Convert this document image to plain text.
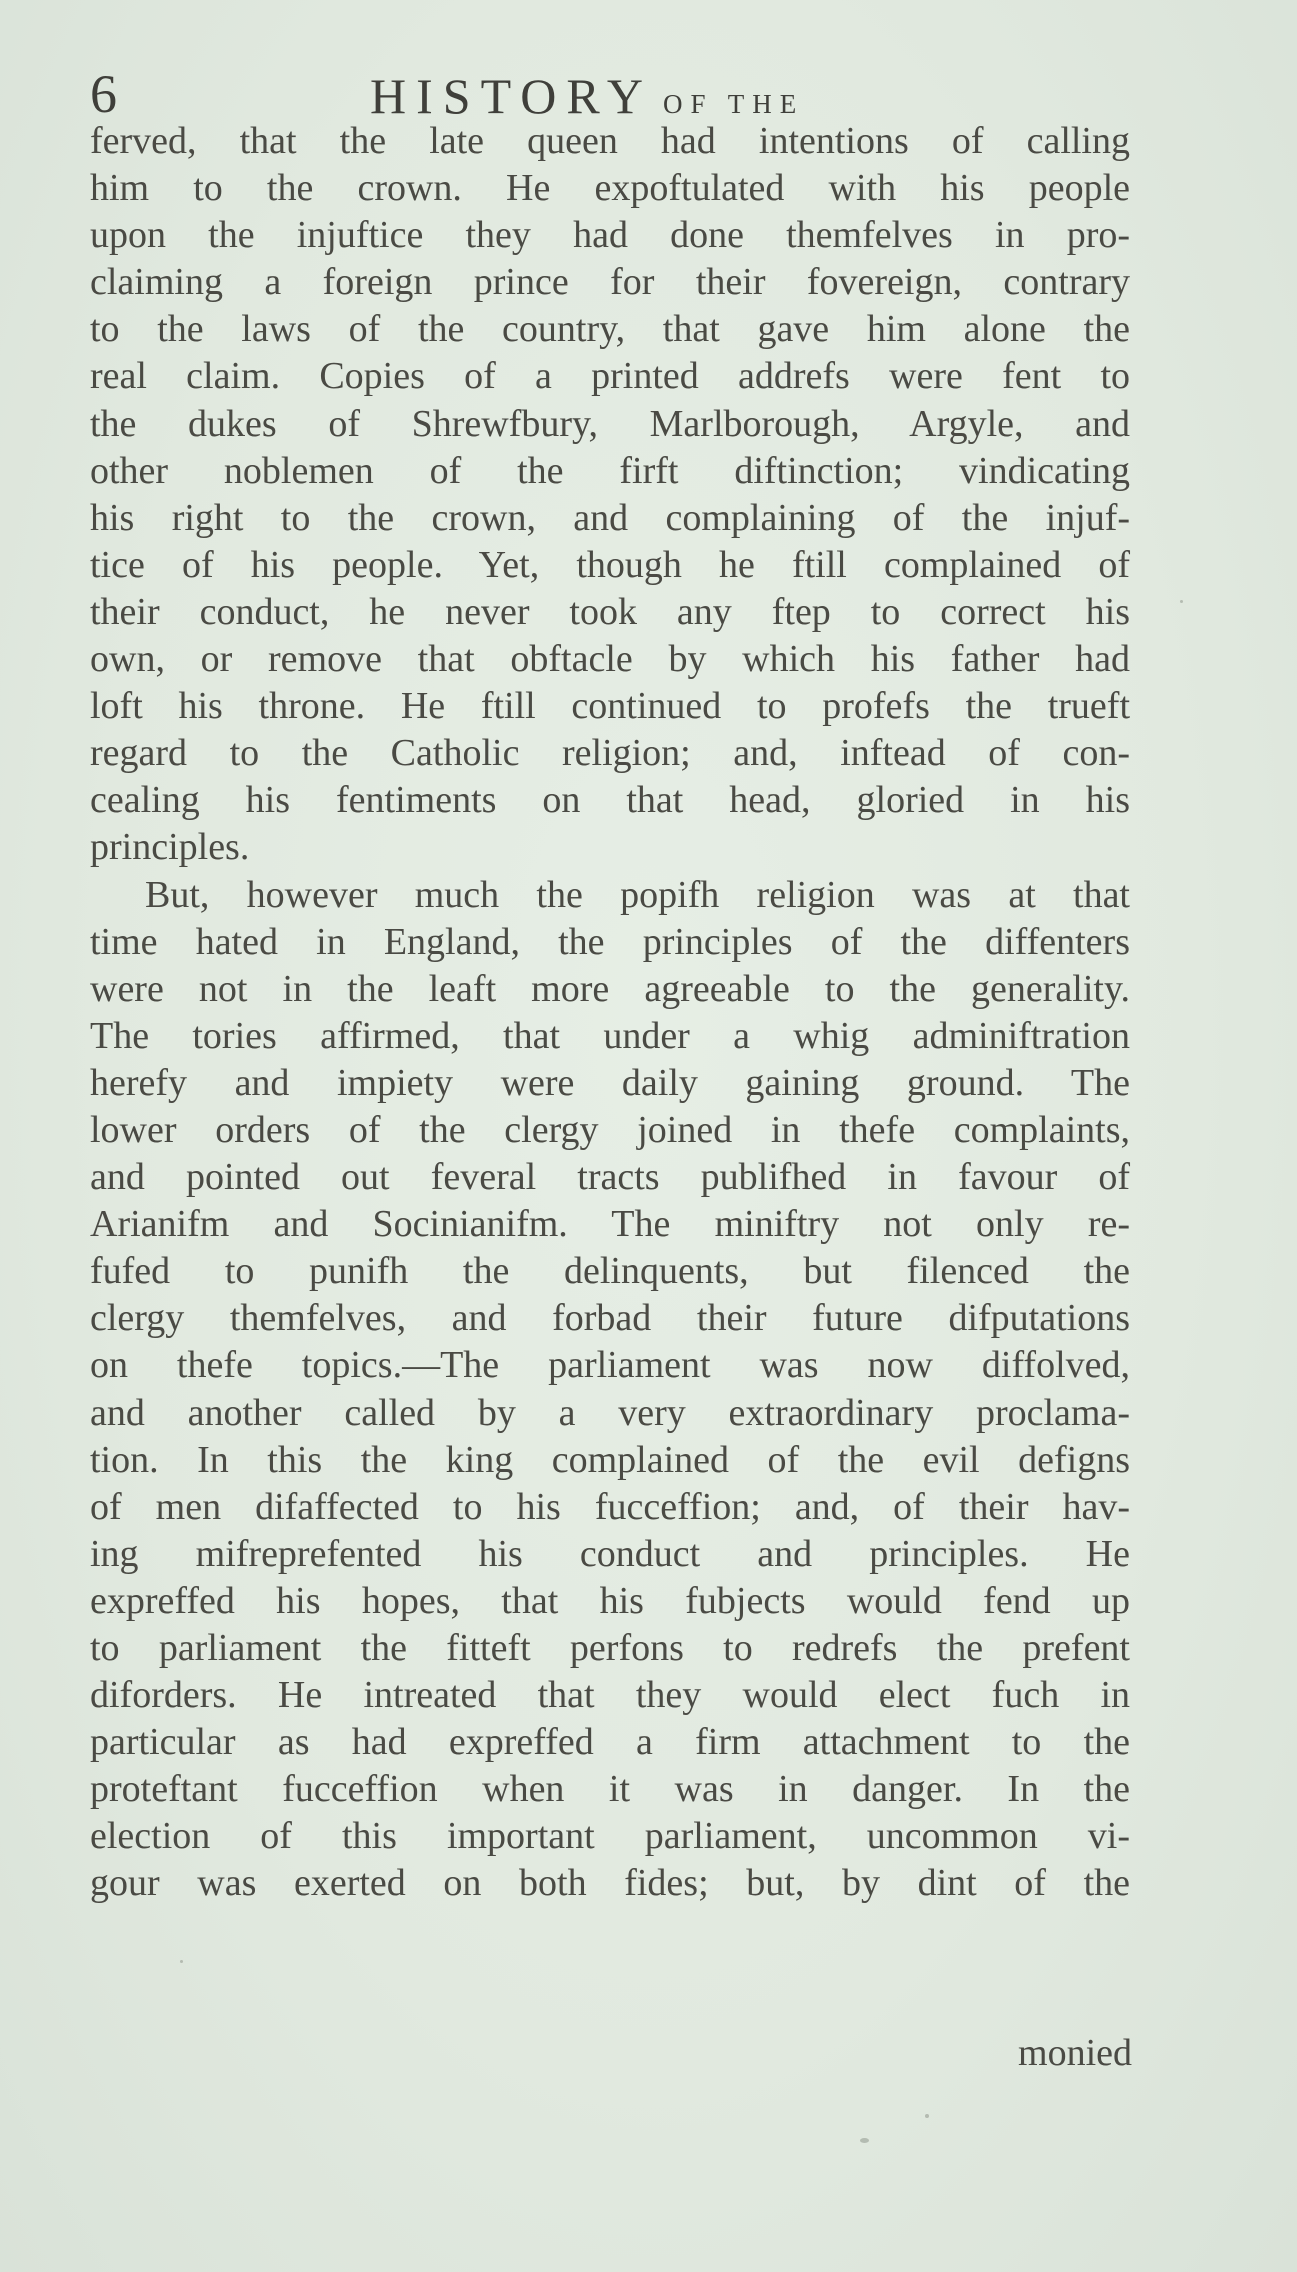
6	HISTORY OF THE
ferved, that the late queen had intentions of calling
him to the crown. He expoftulated with his people
upon the injuftice they had done themfelves in pro-
claiming a foreign prince for their fovereign, contrary
to the laws of the country, that gave him alone the
real claim. Copies of a printed addrefs were fent to
the dukes of Shrewfbury, Marlborough, Argyle, and
other noblemen of the firft diftinction; vindicating
his right to the crown, and complaining of the injuf-
tice of his people. Yet, though he ftill complained of
their conduct, he never took any ftep to correct his
own, or remove that obftacle by which his father had
loft his throne. He ftill continued to profefs the trueft
regard to the Catholic religion; and, inftead of con-
cealing his fentiments on that head, gloried in his
principles.
But, however much the popifh religion was at that
time hated in England, the principles of the diffenters
were not in the leaft more agreeable to the generality.
The tories affirmed, that under a whig adminiftration
herefy and impiety were daily gaining ground. The
lower orders of the clergy joined in thefe complaints,
and pointed out feveral tracts publifhed in favour of
Arianifm and Socinianifm. The miniftry not only re-
fufed to punifh the delinquents, but filenced the
clergy themfelves, and forbad their future difputations
on thefe topics.—The parliament was now diffolved,
and another called by a very extraordinary proclama-
tion. In this the king complained of the evil defigns
of men difaffected to his fucceffion; and, of their hav-
ing mifreprefented his conduct and principles. He
expreffed his hopes, that his fubjects would fend up
to parliament the fitteft perfons to redrefs the prefent
diforders. He intreated that they would elect fuch in
particular as had expreffed a firm attachment to the
proteftant fucceffion when it was in danger. In the
election of this important parliament, uncommon vi-
gour was exerted on both fides; but, by dint of the
monied
